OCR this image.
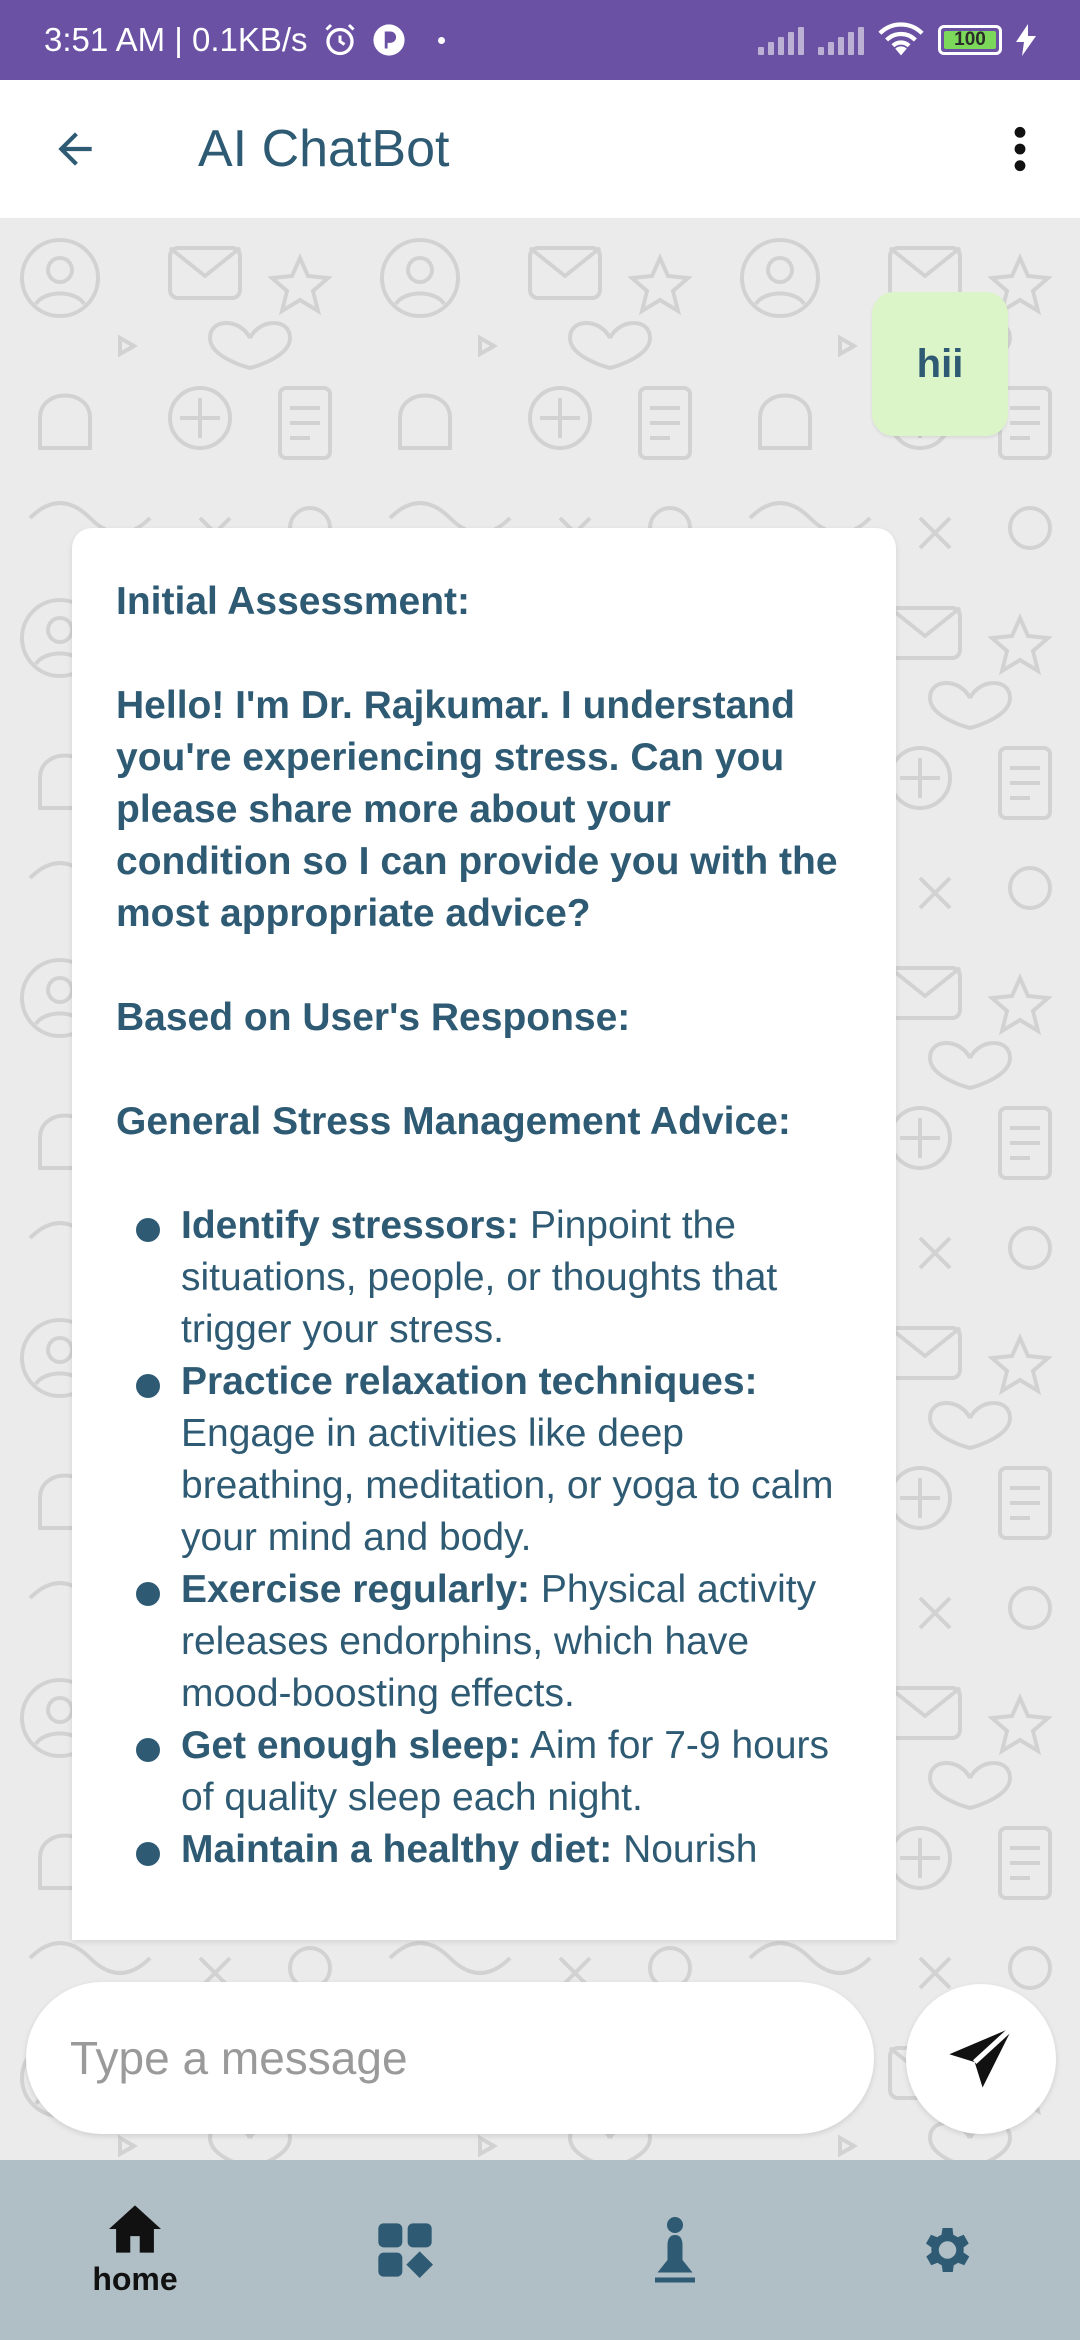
3:51 AM | 0.1KB/s	100
AI ChatBot
hii

Initial Assessment:

Hello! I'm Dr. Rajkumar. I understand you're experiencing stress. Can you please share more about your condition so I can provide you with the most appropriate advice?

Based on User's Response:

General Stress Management Advice:

Identify stressors: Pinpoint the situations, people, or thoughts that trigger your stress.
Practice relaxation techniques: Engage in activities like deep breathing, meditation, or yoga to calm your mind and body.
Exercise regularly: Physical activity releases endorphins, which have mood-boosting effects.
Get enough sleep: Aim for 7-9 hours of quality sleep each night.
Maintain a healthy diet: Nourish
Type a message
home
